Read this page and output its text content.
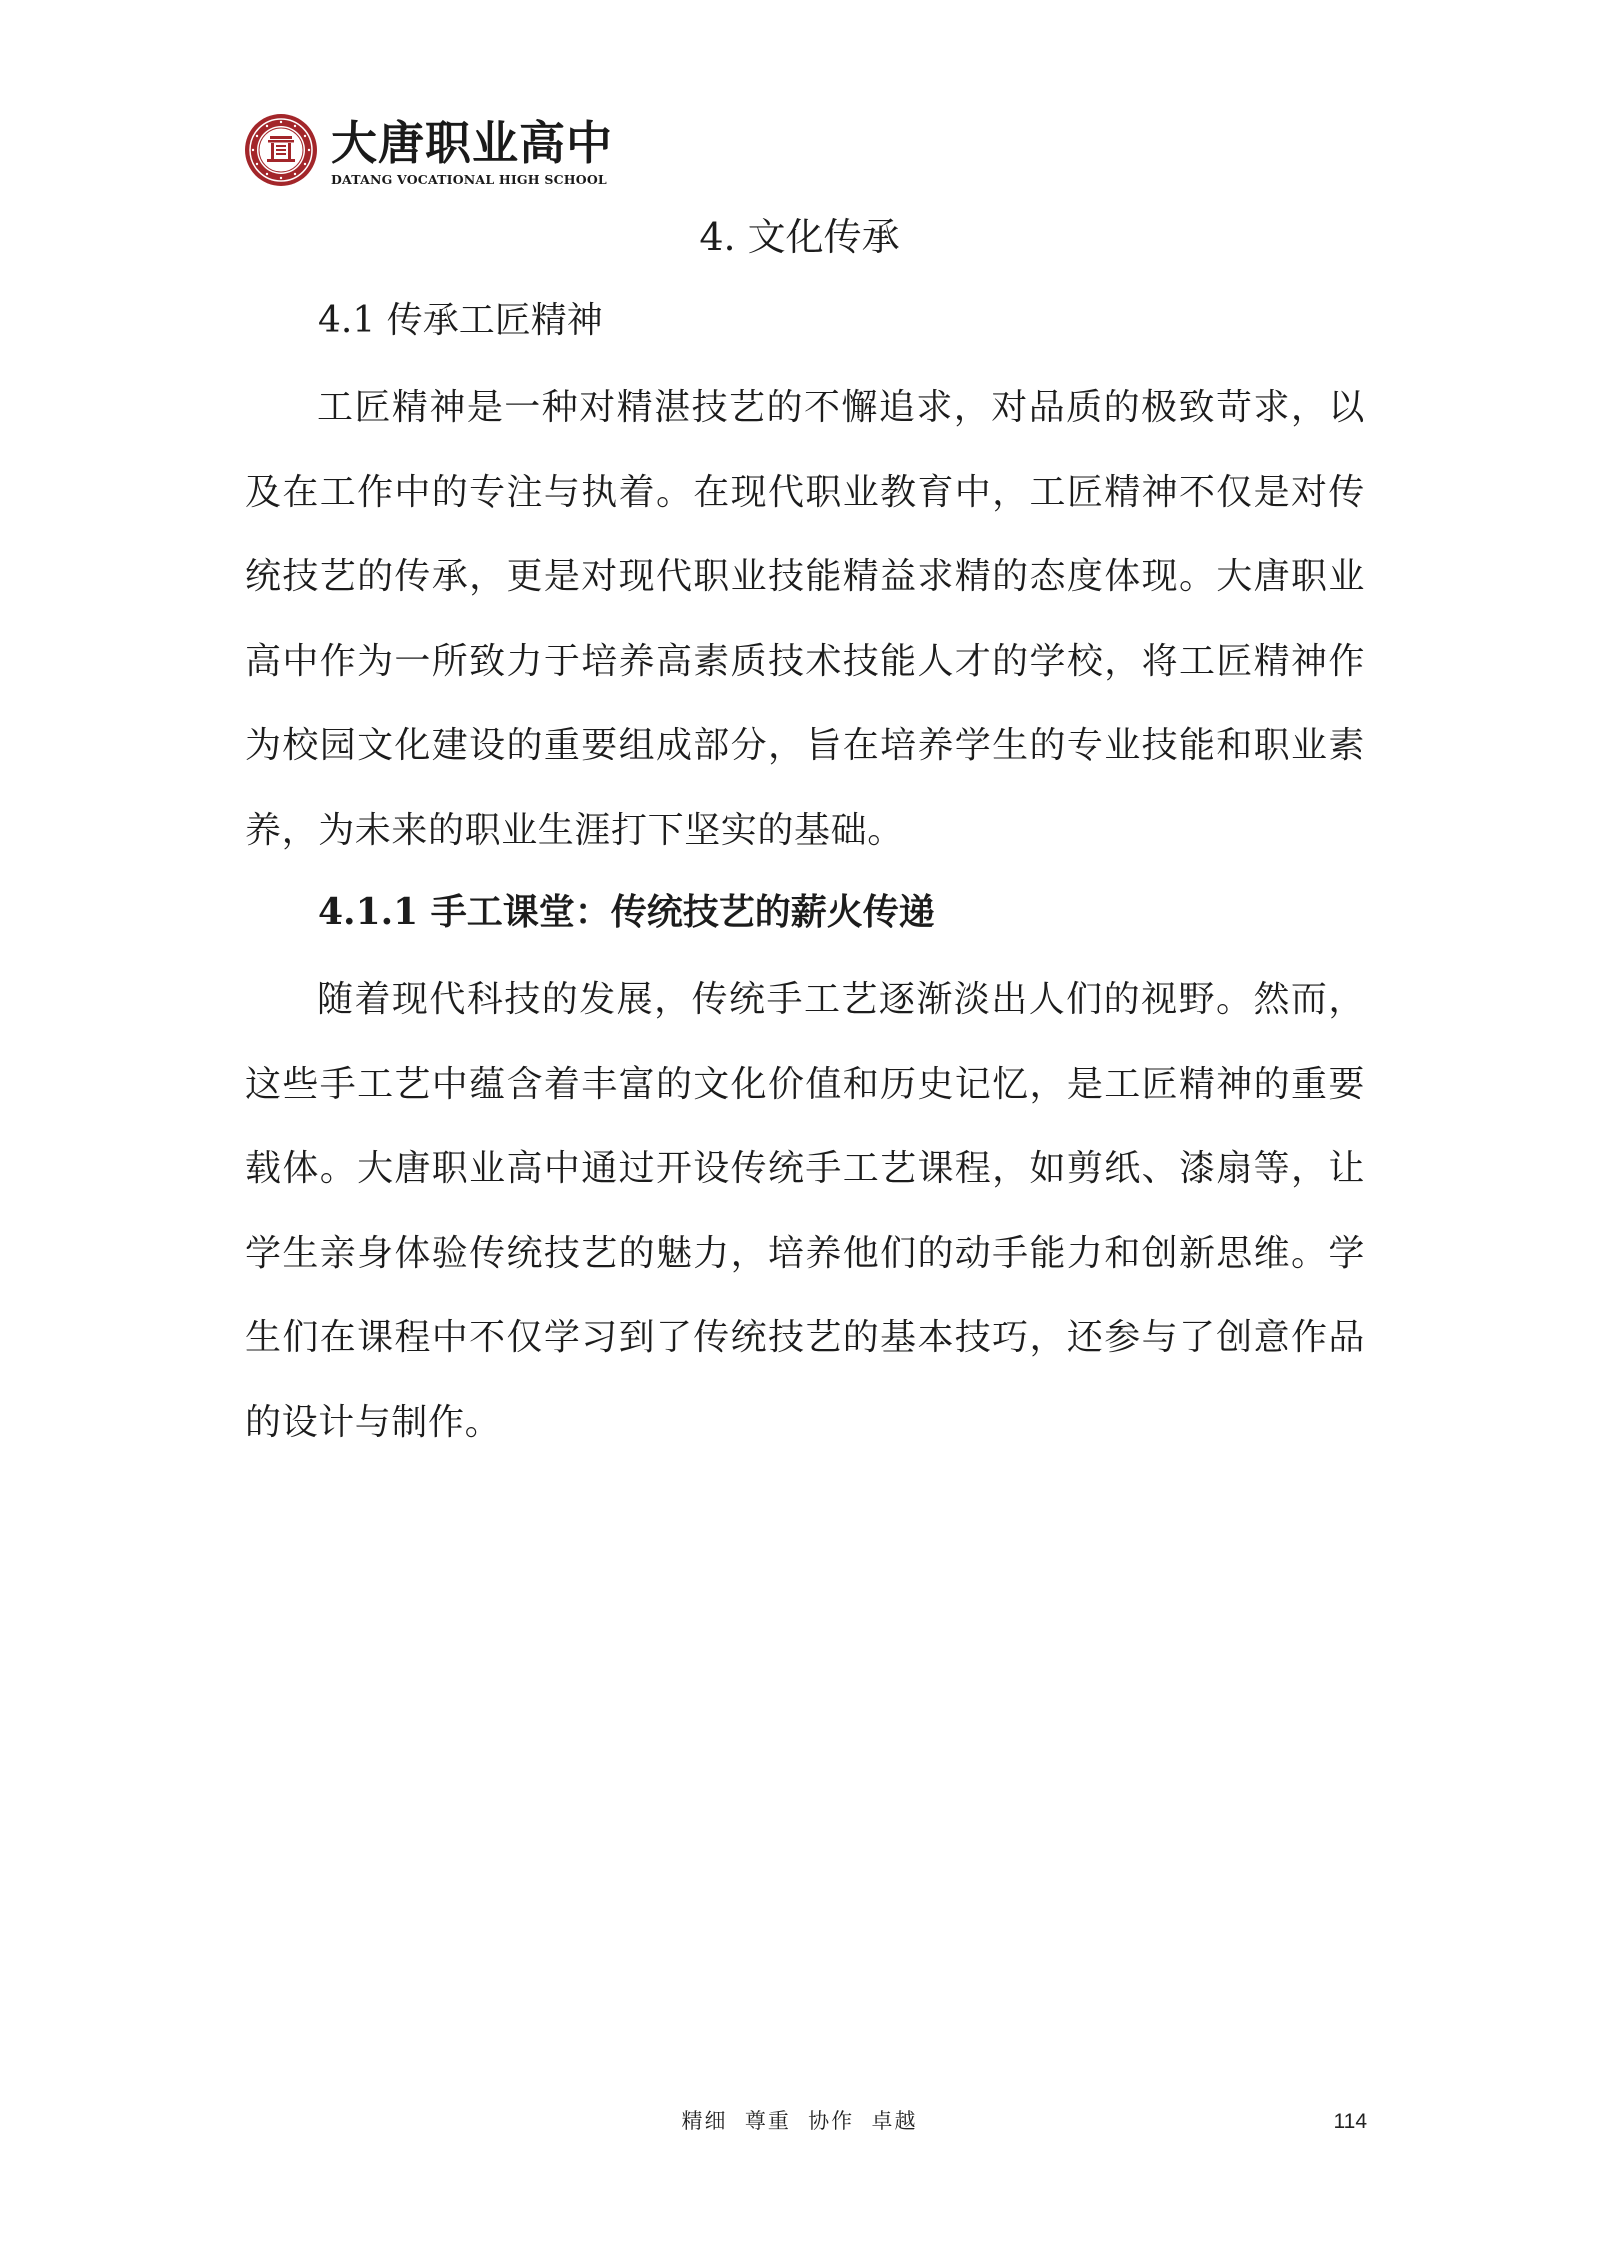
大唐职业高中
DATANG VOCATIONAL HIGH SCHOOL
4. 文化传承
4.1 传承工匠精神

工匠精神是一种对精湛技艺的不懈追求，对品质的极致苛求，以及在工作中的专注与执着。在现代职业教育中，工匠精神不仅是对传统技艺的传承，更是对现代职业技能精益求精的态度体现。大唐职业高中作为一所致力于培养高素质技术技能人才的学校，将工匠精神作为校园文化建设的重要组成部分，旨在培养学生的专业技能和职业素养，为未来的职业生涯打下坚实的基础。

4.1.1 手工课堂：传统技艺的薪火传递

随着现代科技的发展，传统手工艺逐渐淡出人们的视野。然而，这些手工艺中蕴含着丰富的文化价值和历史记忆，是工匠精神的重要载体。大唐职业高中通过开设传统手工艺课程，如剪纸、漆扇等，让学生亲身体验传统技艺的魅力，培养他们的动手能力和创新思维。学生们在课程中不仅学习到了传统技艺的基本技巧，还参与了创意作品的设计与制作。

精细  尊重  协作  卓越	114
